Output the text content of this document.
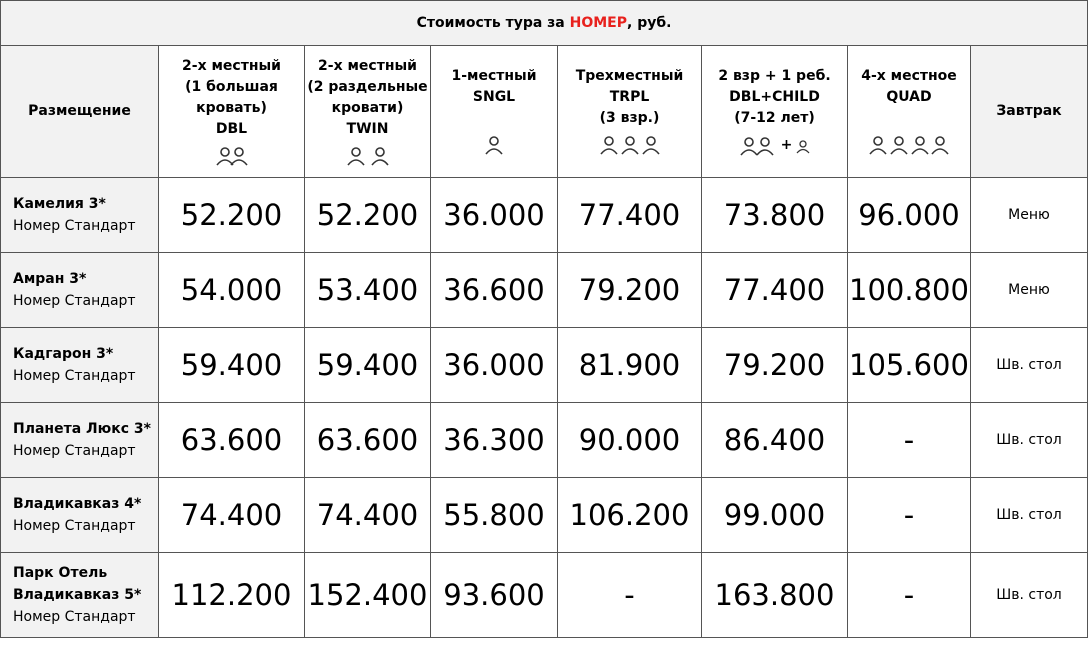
Стоимость тура за НОМЕР, руб.							
Размещение	2-х местный
(1 большая
кровать)
DBL	2-х местный
(2 раздельные
кровати)
TWIN	1-местный
SNGL	Трехместный
TRPL
(3 взр.)	2 взр + 1 реб.
DBL+CHILD
(7-12 лет)

+	4-х местное
QUAD	Завтрак

Камелия 3*
Номер Стандарт	52.200	52.200	36.000	77.400	73.800	96.000	Меню

Амран 3*
Номер Стандарт	54.000	53.400	36.600	79.200	77.400	100.800	Меню

Кадгарон 3*
Номер Стандарт	59.400	59.400	36.000	81.900	79.200	105.600	Шв. стол

Планета Люкс 3*
Номер Стандарт	63.600	63.600	36.300	90.000	86.400	-	Шв. стол

Владикавказ 4*
Номер Стандарт	74.400	74.400	55.800	106.200	99.000	-	Шв. стол

Парк Отель
Владикавказ 5*
Номер Стандарт	112.200	152.400	93.600	-	163.800	-	Шв. стол
